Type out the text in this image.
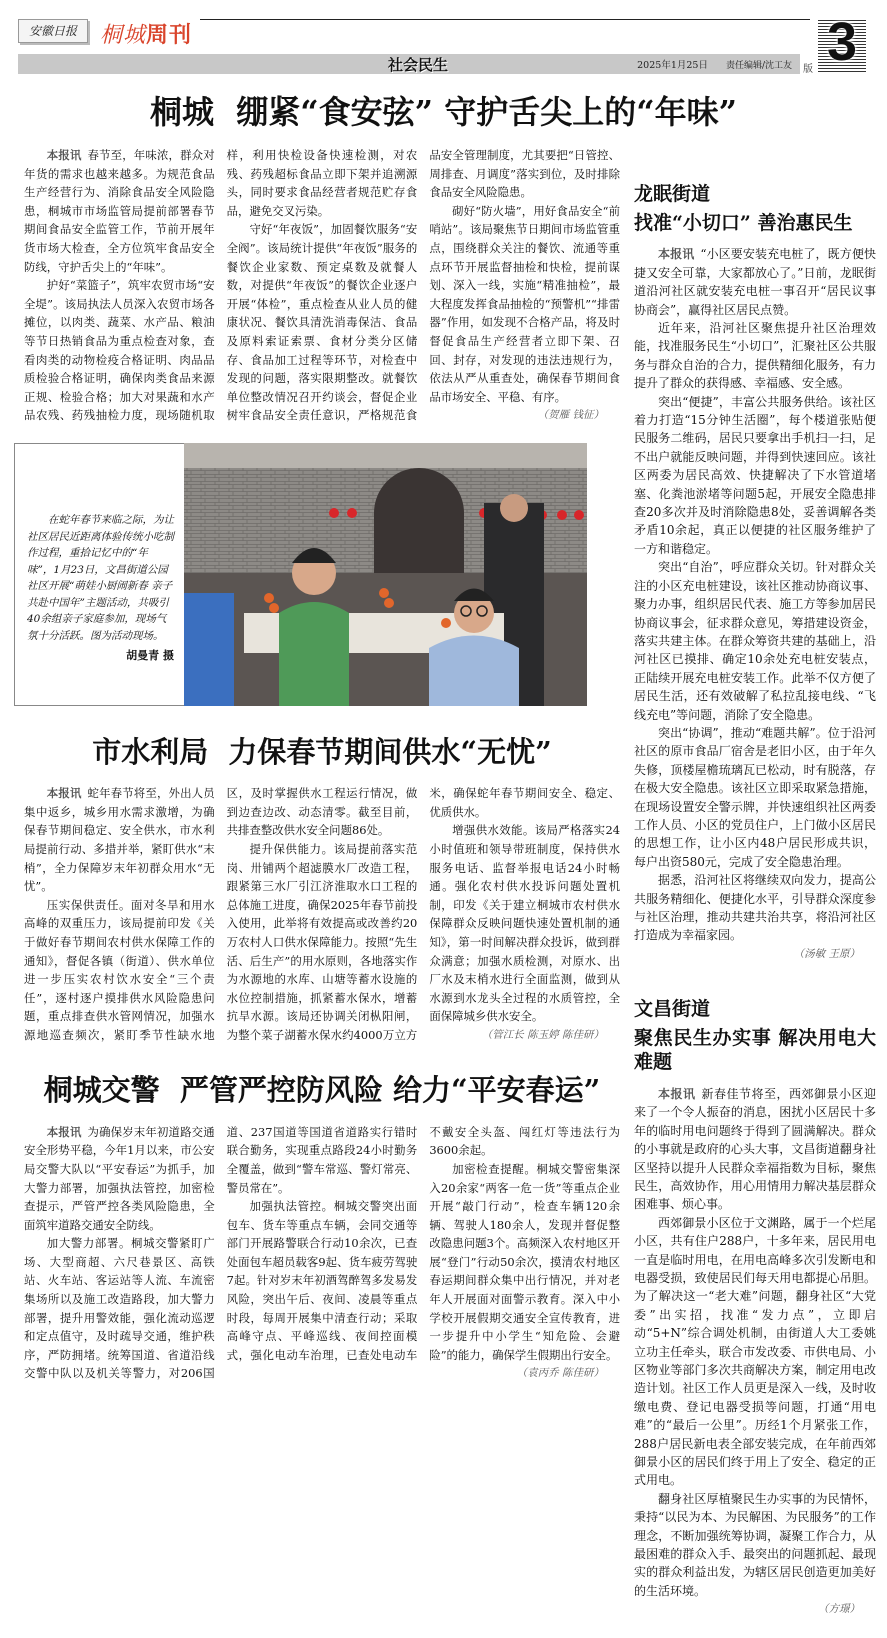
安徽日报	桐城周刊
社会民生	2025年1月25日 责任编辑/沈工友 版 3
桐城  绷紧“食安弦” 守护舌尖上的“年味”

本报讯 春节至，年味浓，群众对年货的需求也越来越多。为规范食品生产经营行为、消除食品安全风险隐患，桐城市市场监管局提前部署春节期间食品安全监管工作，节前开展年货市场大检查，全方位筑牢食品安全防线，守护舌尖上的“年味”。

护好“菜篮子”，筑牢农贸市场“安全堤”。该局执法人员深入农贸市场各摊位，以肉类、蔬菜、水产品、粮油等节日热销食品为重点检查对象，查看肉类的动物检疫合格证明、肉品品质检验合格证明，确保肉类食品来源正规、检验合格；加大对果蔬和水产品农残、药残抽检力度，现场随机取样，利用快检设备快速检测，对农残、药残超标食品立即下架并追溯源头，同时要求食品经营者规范贮存食品，避免交叉污染。

守好“年夜饭”，加固餐饮服务“安全阀”。该局统计提供“年夜饭”服务的餐饮企业家数、预定桌数及就餐人数，对提供“年夜饭”的餐饮企业逐户开展“体检”，重点检查从业人员的健康状况、餐饮具清洗消毒保洁、食品及原料索证索票、食材分类分区储存、食品加工过程等环节，对检查中发现的问题，落实限期整改。就餐饮单位整改情况召开约谈会，督促企业树牢食品安全责任意识，严格规范食品安全管理制度，尤其要把“日管控、周排查、月调度”落实到位，及时排除食品安全风险隐患。

砌好“防火墙”，用好食品安全“前哨站”。该局聚焦节日期间市场监管重点，围绕群众关注的餐饮、流通等重点环节开展监督抽检和快检，提前谋划、深入一线，实施“精准抽检”，最大程度发挥食品抽检的“预警机”“排雷器”作用，如发现不合格产品，将及时督促食品生产经营者立即下架、召回、封存，对发现的违法违规行为，依法从严从重查处，确保春节期间食品市场安全、平稳、有序。

（贺雁 钱征）

在蛇年春节来临之际，为让社区居民近距离体验传统小吃制作过程，重拾记忆中的“年味”，1月23日，文昌街道公园社区开展“萌娃小厨闹新春 亲子共赴中国年”主题活动，共吸引40余组亲子家庭参加，现场气氛十分活跃。图为活动现场。

胡曼青 摄
市水利局  力保春节期间供水“无忧”

本报讯 蛇年春节将至，外出人员集中返乡，城乡用水需求激增，为确保春节期间稳定、安全供水，市水利局提前行动、多措并举，紧盯供水“末梢”，全力保障岁末年初群众用水“无忧”。

压实保供责任。面对冬旱和用水高峰的双重压力，该局提前印发《关于做好春节期间农村供水保障工作的通知》，督促各镇（街道）、供水单位进一步压实农村饮水安全“三个责任”，逐村逐户摸排供水风险隐患问题，重点排查供水管网情况，加强水源地巡查频次，紧盯季节性缺水地区，及时掌握供水工程运行情况，做到边查边改、动态清零。截至目前，共排查整改供水安全问题86处。

提升保供能力。该局提前落实范岗、卅铺两个超滤膜水厂改造工程，跟紧第三水厂引江济淮取水口工程的总体施工进度，确保2025年春节前投入使用，此举将有效提高或改善约20万农村人口供水保障能力。按照“先生活、后生产”的用水原则，各地落实作为水源地的水库、山塘等蓄水设施的水位控制措施，抓紧蓄水保水，增蓄抗旱水源。该局还协调关闭枞阳闸，为整个菜子湖蓄水保水约4000万立方米，确保蛇年春节期间安全、稳定、优质供水。

增强供水效能。该局严格落实24小时值班和领导带班制度，保持供水服务电话、监督举报电话24小时畅通。强化农村供水投诉问题处置机制，印发《关于建立桐城市农村供水保障群众反映问题快速处置机制的通知》，第一时间解决群众投诉，做到群众满意；加强水质检测，对原水、出厂水及末梢水进行全面监测，做到从水源到水龙头全过程的水质管控，全面保障城乡供水安全。

（管江长 陈玉婷 陈佳研）
桐城交警  严管严控防风险 给力“平安春运”

本报讯 为确保岁末年初道路交通安全形势平稳，今年1月以来，市公安局交警大队以“平安春运”为抓手，加大警力部署，加强执法管控，加密检查提示，严管严控各类风险隐患，全面筑牢道路交通安全防线。

加大警力部署。桐城交警紧盯广场、大型商超、六尺巷景区、高铁站、火车站、客运站等人流、车流密集场所以及施工改造路段，加大警力部署，提升用警效能，强化流动巡逻和定点值守，及时疏导交通，维护秩序，严防拥堵。统筹国道、省道沿线交警中队以及机关等警力，对206国道、237国道等国道省道路实行错时联合勤务，实现重点路段24小时勤务全覆盖，做到“警车常巡、警灯常亮、警员常在”。

加强执法管控。桐城交警突出面包车、货车等重点车辆，会同交通等部门开展路警联合行动10余次，已查处面包车超员载客9起、货车疲劳驾驶7起。针对岁末年初酒驾醉驾多发易发风险，突出午后、夜间、凌晨等重点时段，每周开展集中清查行动；采取高峰守点、平峰巡线、夜间控面模式，强化电动车治理，已查处电动车不戴安全头盔、闯红灯等违法行为3600余起。

加密检查提醒。桐城交警密集深入20余家“两客一危一货”等重点企业开展“敲门行动”，检查车辆120余辆、驾驶人180余人，发现并督促整改隐患问题3个。高频深入农村地区开展“登门”行动50余次，摸清农村地区春运期间群众集中出行情况，并对老年人开展面对面警示教育。深入中小学校开展假期交通安全宣传教育，进一步提升中小学生“知危险、会避险”的能力，确保学生假期出行安全。

（袁丙乔 陈佳研）
龙眠街道
找准“小切口” 善治惠民生

本报讯 “小区要安装充电桩了，既方便快捷又安全可靠，大家都放心了。”日前，龙眠街道沿河社区就安装充电桩一事召开“居民议事协商会”，赢得社区居民点赞。

近年来，沿河社区聚焦提升社区治理效能，找准服务民生“小切口”，汇聚社区公共服务与群众自治的合力，提供精细化服务，有力提升了群众的获得感、幸福感、安全感。

突出“便捷”，丰富公共服务供给。该社区着力打造“15分钟生活圈”，每个楼道张贴便民服务二维码，居民只要拿出手机扫一扫，足不出户就能反映问题，并得到快速回应。该社区两委为居民高效、快捷解决了下水管道堵塞、化粪池淤堵等问题5起，开展安全隐患排查20多次并及时消除隐患8处，妥善调解各类矛盾10余起，真正以便捷的社区服务维护了一方和谐稳定。

突出“自治”，呼应群众关切。针对群众关注的小区充电桩建设，该社区推动协商议事、聚力办事，组织居民代表、施工方等参加居民协商议事会，征求群众意见，筹措建设资金，落实共建主体。在群众筹资共建的基础上，沿河社区已摸排、确定10余处充电桩安装点，正陆续开展充电桩安装工作。此举不仅方便了居民生活，还有效破解了私拉乱接电线、“飞线充电”等问题，消除了安全隐患。

突出“协调”，推动“难题共解”。位于沿河社区的原市食品厂宿舍是老旧小区，由于年久失修，顶楼屋檐琉璃瓦已松动，时有脱落，存在极大安全隐患。该社区立即采取紧急措施，在现场设置安全警示牌，并快速组织社区两委工作人员、小区的党员住户，上门做小区居民的思想工作，让小区内48户居民形成共识，每户出资580元，完成了安全隐患治理。

据悉，沿河社区将继续双向发力，提高公共服务精细化、便捷化水平，引导群众深度参与社区治理，推动共建共治共享，将沿河社区打造成为幸福家园。

（汤敏 王原）
文昌街道
聚焦民生办实事 解决用电大难题

本报讯 新春佳节将至，西郊御景小区迎来了一个令人振奋的消息，困扰小区居民十多年的临时用电问题终于得到了圆满解决。群众的小事就是政府的心头大事，文昌街道翻身社区坚持以提升人民群众幸福指数为目标，聚焦民生，高效协作，用心用情用力解决基层群众困难事、烦心事。

西郊御景小区位于文渊路，属于一个烂尾小区，共有住户288户，十多年来，居民用电一直是临时用电，在用电高峰多次引发断电和电器受损，致使居民们每天用电都提心吊胆。为了解决这一“老大难”问题，翻身社区“大党委”出实招，找准“发力点”，立即启动“5+N”综合调处机制，由街道人大工委姚立功主任牵头，联合市发改委、市供电局、小区物业等部门多次共商解决方案，制定用电改造计划。社区工作人员更是深入一线，及时收缴电费、登记电器受损等问题，打通“用电难”的“最后一公里”。历经1个月紧张工作，288户居民新电表全部安装完成，在年前西郊御景小区的居民们终于用上了安全、稳定的正式用电。

翻身社区厚植聚民生办实事的为民情怀，秉持“以民为本、为民解困、为民服务”的工作理念，不断加强统筹协调，凝聚工作合力，从最困难的群众入手、最突出的问题抓起、最现实的群众利益出发，为辖区居民创造更加美好的生活环境。

（方璟）
